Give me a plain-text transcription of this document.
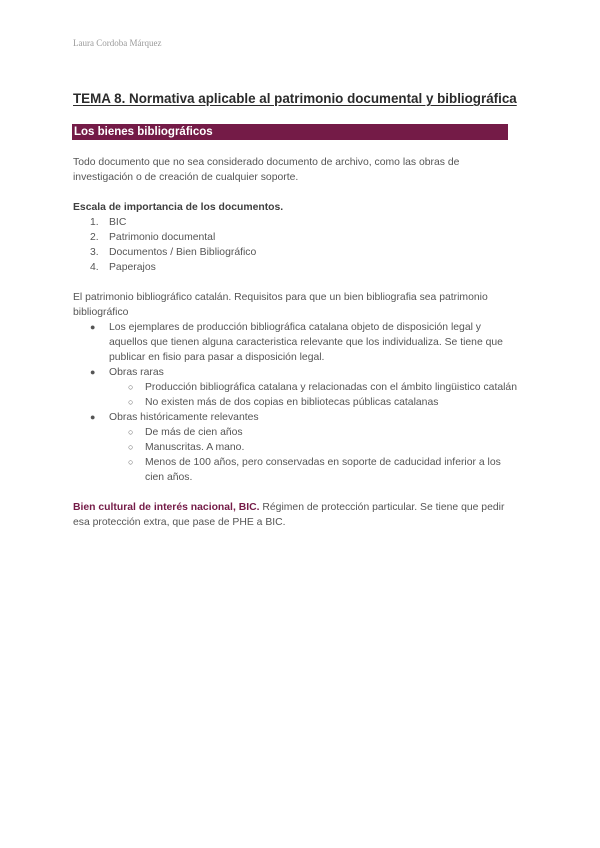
Laura Cordoba Márquez
TEMA 8. Normativa aplicable al patrimonio documental y bibliográfica
Los bienes bibliográficos

Todo documento que no sea considerado documento de archivo, como las obras de investigación o de creación de cualquier soporte.

Escala de importancia de los documentos.

1. BIC
2. Patrimonio documental
3. Documentos / Bien Bibliográfico
4. Paperajos

El patrimonio bibliográfico catalán. Requisitos para que un bien bibliografia sea patrimonio bibliográfico

● Los ejemplares de producción bibliográfica catalana objeto de disposición legal y aquellos que tienen alguna caracteristica relevante que los individualiza. Se tiene que publicar en fisio para pasar a disposición legal.
● Obras raras
○ Producción bibliográfica catalana y relacionadas con el ámbito lingüistico catalán
○ No existen más de dos copias en bibliotecas públicas catalanas
● Obras históricamente relevantes
○ De más de cien años
○ Manuscritas. A mano.
○ Menos de 100 años, pero conservadas en soporte de caducidad inferior a los cien años.

Bien cultural de interés nacional, BIC. Régimen de protección particular. Se tiene que pedir esa protección extra, que pase de PHE a BIC.
